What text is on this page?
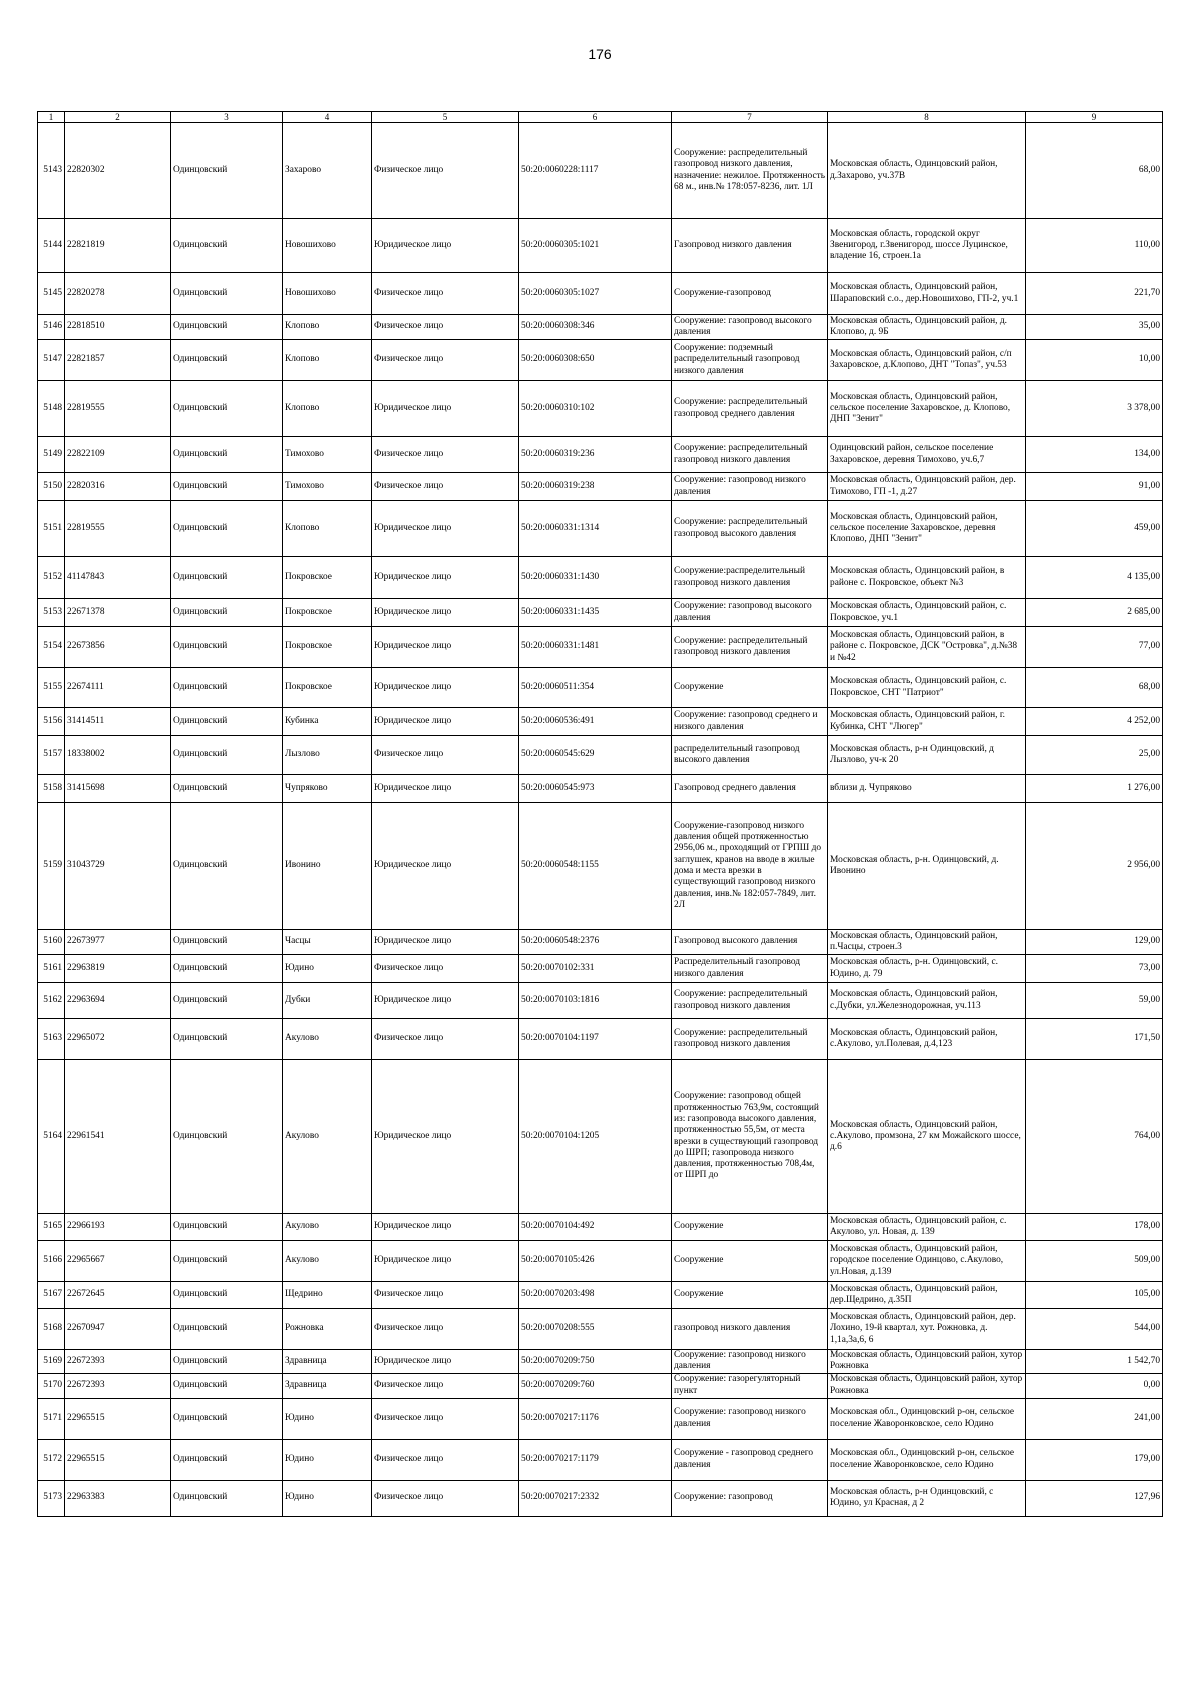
176
1	2	3	4	5	6	7	8	9
5143	22820302	Одинцовский	Захарово	Физическое лицо	50:20:0060228:1117	Сооружение: распределительный газопровод низкого давления, назначение: нежилое. Протяженность 68 м., инв.№ 178:057-8236, лит. 1Л	Московская область, Одинцовский район, д.Захарово, уч.37В	68,00
5144	22821819	Одинцовский	Новошихово	Юридическое лицо	50:20:0060305:1021	Газопровод низкого давления	Московская область, городской округ Звенигород, г.Звенигород, шоссе Луцинское, владение 16, строен.1а	110,00
5145	22820278	Одинцовский	Новошихово	Физическое лицо	50:20:0060305:1027	Сооружение-газопровод	Московская область, Одинцовский район, Шараповский с.о., дер.Новошихово, ГП-2, уч.1	221,70
5146	22818510	Одинцовский	Клопово	Физическое лицо	50:20:0060308:346	Сооружение: газопровод высокого давления	Московская область, Одинцовский район, д. Клопово, д. 9Б	35,00
5147	22821857	Одинцовский	Клопово	Физическое лицо	50:20:0060308:650	Сооружение: подземный распределительный газопровод низкого давления	Московская область, Одинцовский район, с/п Захаровское, д.Клопово, ДНТ "Топаз", уч.53	10,00
5148	22819555	Одинцовский	Клопово	Юридическое лицо	50:20:0060310:102	Сооружение: распределительный газопровод среднего давления	Московская область, Одинцовский район, сельское поселение Захаровское, д. Клопово, ДНП "Зенит"	3 378,00
5149	22822109	Одинцовский	Тимохово	Физическое лицо	50:20:0060319:236	Сооружение: распределительный газопровод низкого давления	Одинцовский район, сельское поселение Захаровское, деревня Тимохово, уч.6,7	134,00
5150	22820316	Одинцовский	Тимохово	Физическое лицо	50:20:0060319:238	Сооружение: газопровод низкого давления	Московская область, Одинцовский район, дер. Тимохово, ГП -1, д.27	91,00
5151	22819555	Одинцовский	Клопово	Юридическое лицо	50:20:0060331:1314	Сооружение: распределительный газопровод высокого давления	Московская область, Одинцовский район, сельское поселение Захаровское, деревня Клопово, ДНП "Зенит"	459,00
5152	41147843	Одинцовский	Покровское	Юридическое лицо	50:20:0060331:1430	Сооружение:распределительный газопровод низкого давления	Московская область, Одинцовский район, в районе с. Покровское, объект №3	4 135,00
5153	22671378	Одинцовский	Покровское	Юридическое лицо	50:20:0060331:1435	Сооружение: газопровод высокого давления	Московская область, Одинцовский район, с. Покровское, уч.1	2 685,00
5154	22673856	Одинцовский	Покровское	Юридическое лицо	50:20:0060331:1481	Сооружение: распределительный газопровод низкого давления	Московская область, Одинцовский район, в районе с. Покровское, ДСК "Островка", д.№38 и №42	77,00
5155	22674111	Одинцовский	Покровское	Юридическое лицо	50:20:0060511:354	Сооружение	Московская область, Одинцовский район, с. Покровское, СНТ "Патриот"	68,00
5156	31414511	Одинцовский	Кубинка	Юридическое лицо	50:20:0060536:491	Сооружение: газопровод среднего и низкого давления	Московская область, Одинцовский район, г. Кубинка, СНТ "Люгер"	4 252,00
5157	18338002	Одинцовский	Лызлово	Физическое лицо	50:20:0060545:629	распределительный газопровод высокого давления	Московская область, р-н Одинцовский, д Лызлово, уч-к 20	25,00
5158	31415698	Одинцовский	Чупряково	Юридическое лицо	50:20:0060545:973	Газопровод среднего давления	вблизи д. Чупряково	1 276,00
5159	31043729	Одинцовский	Ивонино	Юридическое лицо	50:20:0060548:1155	Сооружение-газопровод низкого давления общей протяженностью 2956,06 м., проходящий от ГРПШ до заглушек, кранов на вводе в жилые дома и места врезки в существующий газопровод низкого давления, инв.№ 182:057-7849, лит. 2Л	Московская область, р-н. Одинцовский, д. Ивонино	2 956,00
5160	22673977	Одинцовский	Часцы	Юридическое лицо	50:20:0060548:2376	Газопровод высокого давления	Московская область, Одинцовский район, п.Часцы, строен.3	129,00
5161	22963819	Одинцовский	Юдино	Физическое лицо	50:20:0070102:331	Распределительный газопровод низкого давления	Московская область, р-н. Одинцовский, с. Юдино, д. 79	73,00
5162	22963694	Одинцовский	Дубки	Юридическое лицо	50:20:0070103:1816	Сооружение: распределительный газопровод низкого давления	Московская область, Одинцовский район, с.Дубки, ул.Железнодорожная, уч.113	59,00
5163	22965072	Одинцовский	Акулово	Физическое лицо	50:20:0070104:1197	Сооружение: распределительный газопровод низкого давления	Московская область, Одинцовский район, с.Акулово, ул.Полевая, д.4,123	171,50
5164	22961541	Одинцовский	Акулово	Юридическое лицо	50:20:0070104:1205	Сооружение: газопровод общей протяженностью 763,9м, состоящий из: газопровода высокого давления, протяженностью 55,5м, от места врезки в существующий газопровод до ШРП; газопровода низкого давления, протяженностью 708,4м, от ШРП до	Московская область, Одинцовский район, с.Акулово, промзона, 27 км Можайского шоссе, д.6	764,00
5165	22966193	Одинцовский	Акулово	Юридическое лицо	50:20:0070104:492	Сооружение	Московская область, Одинцовский район, с. Акулово, ул. Новая, д. 139	178,00
5166	22965667	Одинцовский	Акулово	Юридическое лицо	50:20:0070105:426	Сооружение	Московская область, Одинцовский район, городское поселение Одинцово, с.Акулово, ул.Новая, д.139	509,00
5167	22672645	Одинцовский	Щедрино	Физическое лицо	50:20:0070203:498	Сооружение	Московская область, Одинцовский район, дер.Щедрино, д.35П	105,00
5168	22670947	Одинцовский	Рожновка	Физическое лицо	50:20:0070208:555	газопровод низкого давления	Московская область, Одинцовский район, дер. Лохино, 19-й квартал, хут. Рожновка, д. 1,1а,3а,6, 6	544,00
5169	22672393	Одинцовский	Здравница	Юридическое лицо	50:20:0070209:750	Сооружение: газопровод низкого давления	Московская область, Одинцовский район, хутор Рожновка	1 542,70
5170	22672393	Одинцовский	Здравница	Физическое лицо	50:20:0070209:760	Сооружение: газорегуляторный пункт	Московская область, Одинцовский район, хутор Рожновка	0,00
5171	22965515	Одинцовский	Юдино	Физическое лицо	50:20:0070217:1176	Сооружение: газопровод низкого давления	Московская обл., Одинцовский р-он, сельское поселение Жаворонковское, село Юдино	241,00
5172	22965515	Одинцовский	Юдино	Физическое лицо	50:20:0070217:1179	Сооружение - газопровод среднего давления	Московская обл., Одинцовский р-он, сельское поселение Жаворонковское, село Юдино	179,00
5173	22963383	Одинцовский	Юдино	Физическое лицо	50:20:0070217:2332	Сооружение: газопровод	Московская область, р-н Одинцовский, с Юдино, ул Красная, д 2	127,96
